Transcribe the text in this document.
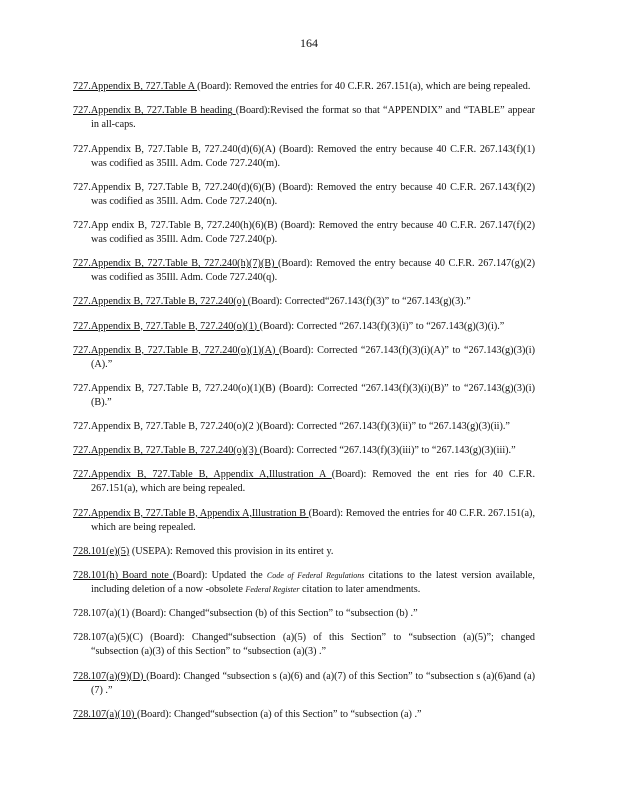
164

727.Appendix B, 727.Table A (Board): Removed the entries for 40 C.F.R. 267.151(a), which are being repealed.

727.Appendix B, 727.Table B heading (Board):Revised the format so that “APPENDIX” and “TABLE” appear in all-caps.

727.Appendix B, 727.Table B, 727.240(d)(6)(A) (Board): Removed the entry because 40 C.F.R. 267.143(f)(1) was codified as 35Ill. Adm. Code 727.240(m).

727.Appendix B, 727.Table B, 727.240(d)(6)(B) (Board): Removed the entry because 40 C.F.R. 267.143(f)(2) was codified as 35Ill. Adm. Code 727.240(n).

727.App endix B, 727.Table B, 727.240(h)(6)(B) (Board): Removed the entry because 40 C.F.R. 267.147(f)(2) was codified as 35Ill. Adm. Code 727.240(p).

727.Appendix B, 727.Table B, 727.240(h)(7)(B) (Board): Removed the entry because 40 C.F.R. 267.147(g)(2) was codified as 35Ill. Adm. Code 727.240(q).

727.Appendix B, 727.Table B, 727.240(o) (Board): Corrected“267.143(f)(3)” to “267.143(g)(3).”

727.Appendix B, 727.Table B, 727.240(o)(1) (Board): Corrected “267.143(f)(3)(i)” to “267.143(g)(3)(i).”

727.Appendix B, 727.Table B, 727.240(o)(1)(A) (Board): Corrected “267.143(f)(3)(i)(A)” to “267.143(g)(3)(i)(A).”

727.Appendix B, 727.Table B, 727.240(o)(1)(B) (Board): Corrected “267.143(f)(3)(i)(B)” to “267.143(g)(3)(i)(B).”

727.Appendix B, 727.Table B, 727.240(o)(2 )(Board): Corrected “267.143(f)(3)(ii)” to “267.143(g)(3)(ii).”

727.Appendix B, 727.Table B, 727.240(o)(3) (Board): Corrected “267.143(f)(3)(iii)” to “267.143(g)(3)(iii).”

727.Appendix B, 727.Table B, Appendix A,Illustration A (Board): Removed the ent ries for 40 C.F.R. 267.151(a), which are being repealed.

727.Appendix B, 727.Table B, Appendix A,Illustration B (Board): Removed the entries for 40 C.F.R. 267.151(a), which are being repealed.

728.101(e)(5) (USEPA): Removed this provision in its entiret y.

728.101(h) Board note (Board): Updated the Code of Federal Regulations citations to the latest version available, including deletion of a now -obsolete Federal Register citation to later amendments.

728.107(a)(1) (Board): Changed“subsection (b) of this Section” to “subsection (b) .”

728.107(a)(5)(C) (Board): Changed“subsection (a)(5) of this Section” to “subsection (a)(5)”; changed “subsection (a)(3) of this Section” to “subsection (a)(3) .”

728.107(a)(9)(D) (Board): Changed “subsection s (a)(6) and (a)(7) of this Section” to “subsection s (a)(6)and (a)(7) .”

728.107(a)(10) (Board): Changed“subsection (a) of this Section” to “subsection (a) .”
